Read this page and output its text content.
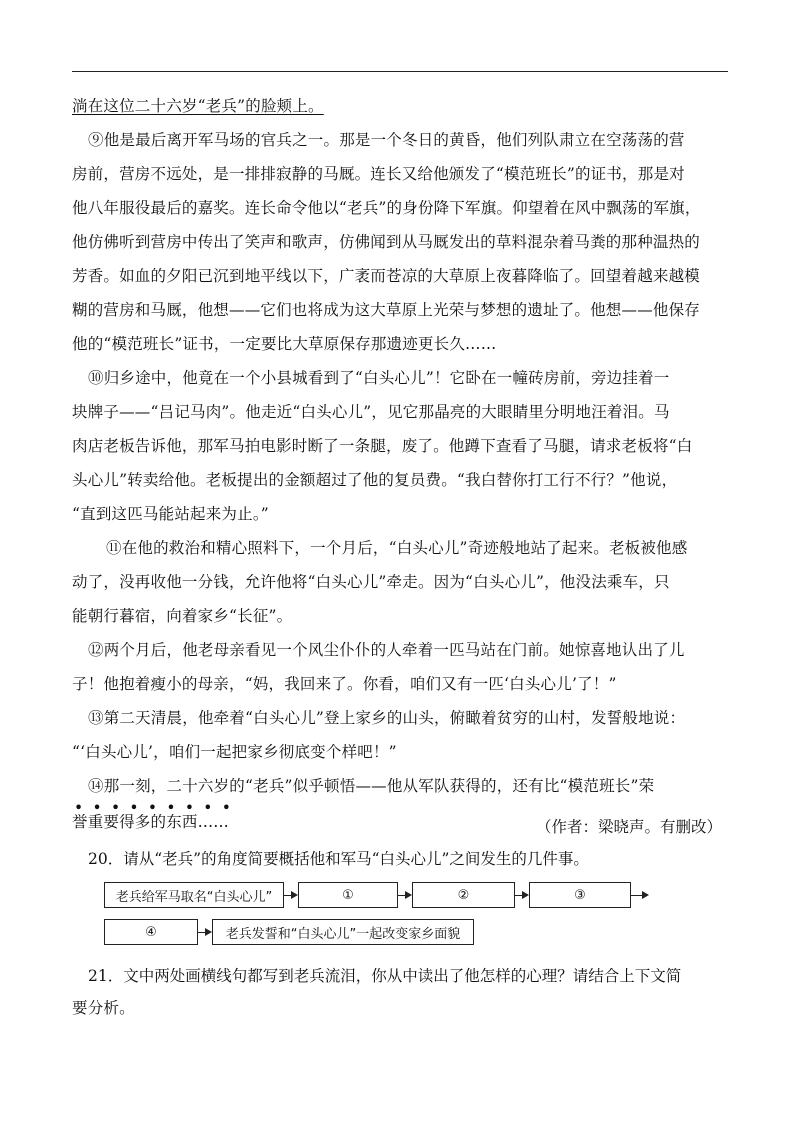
淌在这位二十六岁“老兵”的脸颊上。
⑨他是最后离开军马场的官兵之一。那是一个冬日的黄昏，他们列队肃立在空荡荡的营
房前，营房不远处，是一排排寂静的马厩。连长又给他颁发了“模范班长”的证书，那是对
他八年服役最后的嘉奖。连长命令他以“老兵”的身份降下军旗。仰望着在风中飘荡的军旗，
他仿佛听到营房中传出了笑声和歌声，仿佛闻到从马厩发出的草料混杂着马粪的那种温热的
芳香。如血的夕阳已沉到地平线以下，广袤而苍凉的大草原上夜暮降临了。回望着越来越模
糊的营房和马厩，他想——它们也将成为这大草原上光荣与梦想的遗址了。他想——他保存
他的“模范班长”证书，一定要比大草原保存那遗迹更长久……
⑩归乡途中，他竟在一个小县城看到了“白头心儿”！它卧在一幢砖房前，旁边挂着一
块牌子——“吕记马肉”。他走近“白头心儿”，见它那晶亮的大眼睛里分明地汪着泪。马
肉店老板告诉他，那军马拍电影时断了一条腿，废了。他蹲下查看了马腿，请求老板将“白
头心儿”转卖给他。老板提出的金额超过了他的复员费。“我白替你打工行不行？”他说，
“直到这匹马能站起来为止。”
⑪在他的救治和精心照料下，一个月后，“白头心儿”奇迹般地站了起来。老板被他感
动了，没再收他一分钱，允许他将“白头心儿”牵走。因为“白头心儿”，他没法乘车，只
能朝行暮宿，向着家乡“长征”。
⑫两个月后，他老母亲看见一个风尘仆仆的人牵着一匹马站在门前。她惊喜地认出了儿
子！他抱着瘦小的母亲，“妈，我回来了。你看，咱们又有一匹‘白头心儿’了！”
⑬第二天清晨，他牵着“白头心儿”登上家乡的山头，俯瞰着贫穷的山村，发誓般地说：
“‘白头心儿’，咱们一起把家乡彻底变个样吧！”
⑭那一刻，二十六岁的“老兵”似乎顿悟——他从军队获得的，还有比“模范班长”荣
• • • • • • • • •
誉重要得多的东西……	（作者：梁晓声。有删改）
20．请从“老兵”的角度简要概括他和军马“白头心儿”之间发生的几件事。
老兵给军马取名“白头心儿”	①	②	③
④	老兵发誓和“白头心儿”一起改变家乡面貌
21．文中两处画横线句都写到老兵流泪，你从中读出了他怎样的心理？请结合上下文简
要分析。
